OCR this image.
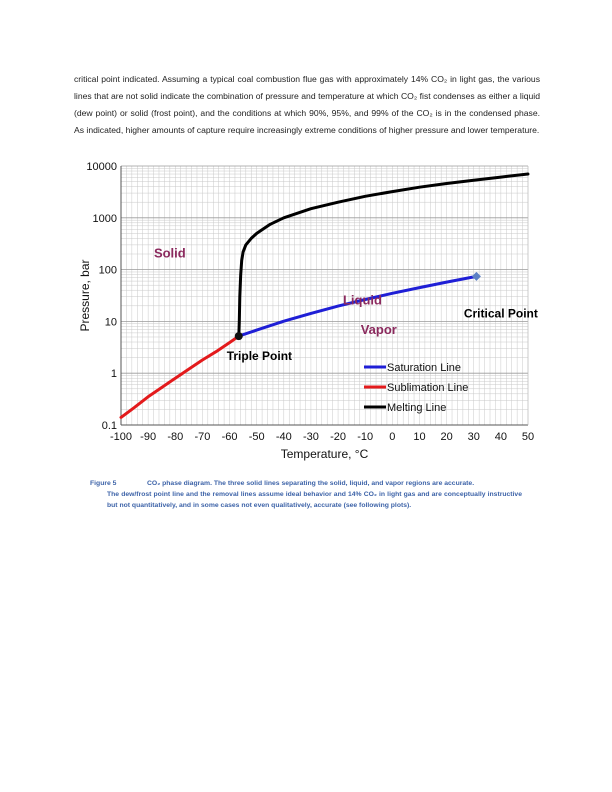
critical point indicated. Assuming a typical coal combustion flue gas with approximately 14% CO₂ in light gas, the various lines that are not solid indicate the combination of pressure and temperature at which CO₂ fist condenses as either a liquid (dew point) or solid (frost point), and the conditions at which 90%, 95%, and 99% of the CO₂ is in the condensed phase. As indicated, higher amounts of capture require increasingly extreme conditions of higher pressure and lower temperature.
-100 -90 -80 -70 -60 -50 -40 -30 -20 -10 0 10 20 30 40 50
0.1
1
10
100
1000
10000
Temperature, °C
Pressure, bar
Solid
Liquid
Vapor
Triple Point
Critical Point
Saturation Line
Sublimation Line
Melting Line
Figure 5	CO₂ phase diagram. The three solid lines separating the solid, liquid, and vapor regions are accurate.
The dew/frost point line and the removal lines assume ideal behavior and 14% CO₂ in light gas and are conceptually instructive but not quantitatively, and in some cases not even qualitatively, accurate (see following plots).
